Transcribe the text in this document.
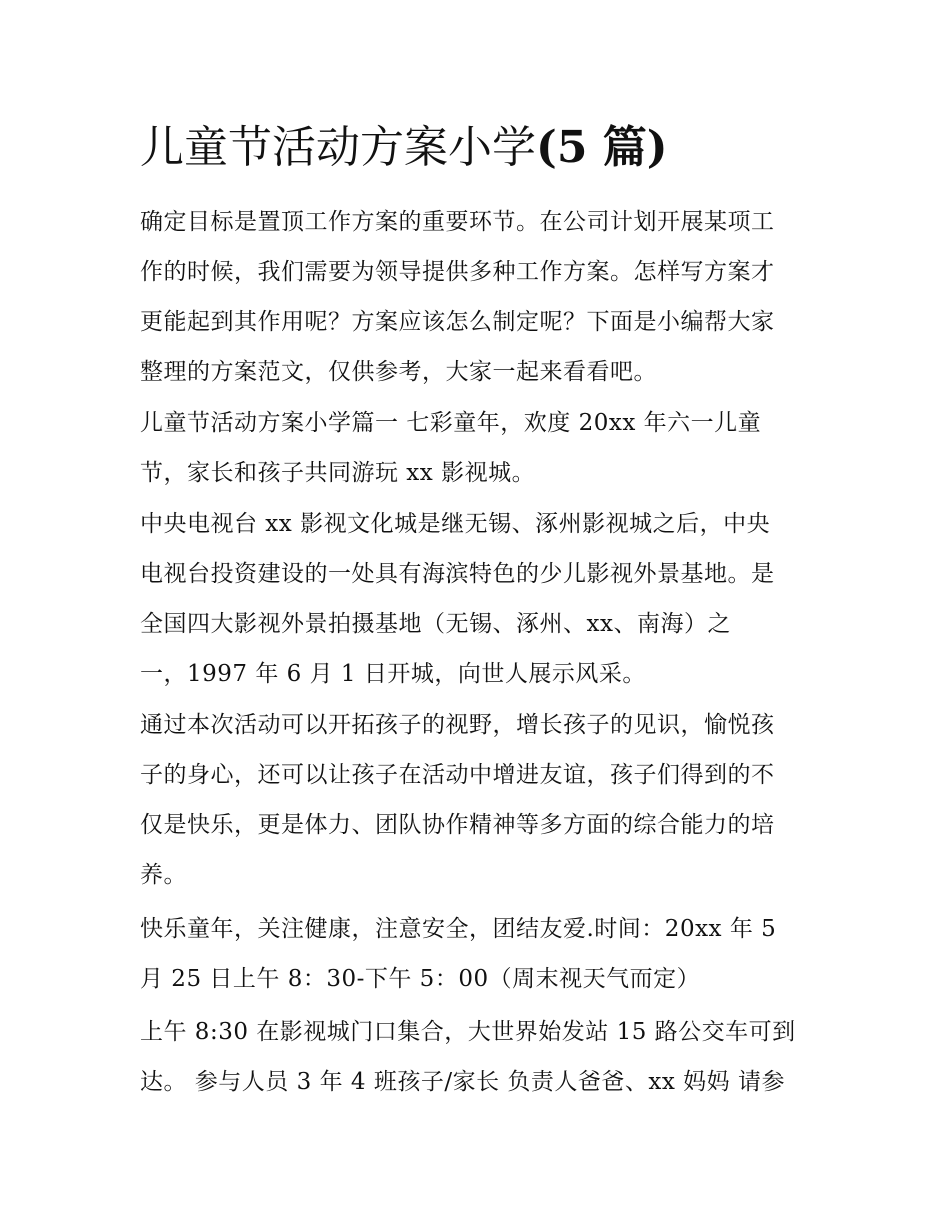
儿童节活动方案小学(5 篇)

确定目标是置顶工作方案的重要环节。在公司计划开展某项工

作的时候，我们需要为领导提供多种工作方案。怎样写方案才

更能起到其作用呢？方案应该怎么制定呢？下面是小编帮大家

整理的方案范文，仅供参考，大家一起来看看吧。

儿童节活动方案小学篇一 七彩童年，欢度 20xx 年六一儿童

节，家长和孩子共同游玩 xx 影视城。

中央电视台 xx 影视文化城是继无锡、涿州影视城之后，中央

电视台投资建设的一处具有海滨特色的少儿影视外景基地。是

全国四大影视外景拍摄基地（无锡、涿州、xx、南海）之

一，1997 年 6 月 1 日开城，向世人展示风采。

通过本次活动可以开拓孩子的视野，增长孩子的见识，愉悦孩

子的身心，还可以让孩子在活动中增进友谊，孩子们得到的不

仅是快乐，更是体力、团队协作精神等多方面的综合能力的培

养。

快乐童年，关注健康，注意安全，团结友爱.时间：20xx 年 5

月 25 日上午 8：30-下午 5：00（周末视天气而定）

上午 8:30 在影视城门口集合，大世界始发站 15 路公交车可到

达。 参与人员 3 年 4 班孩子/家长 负责人爸爸、xx 妈妈 请参
